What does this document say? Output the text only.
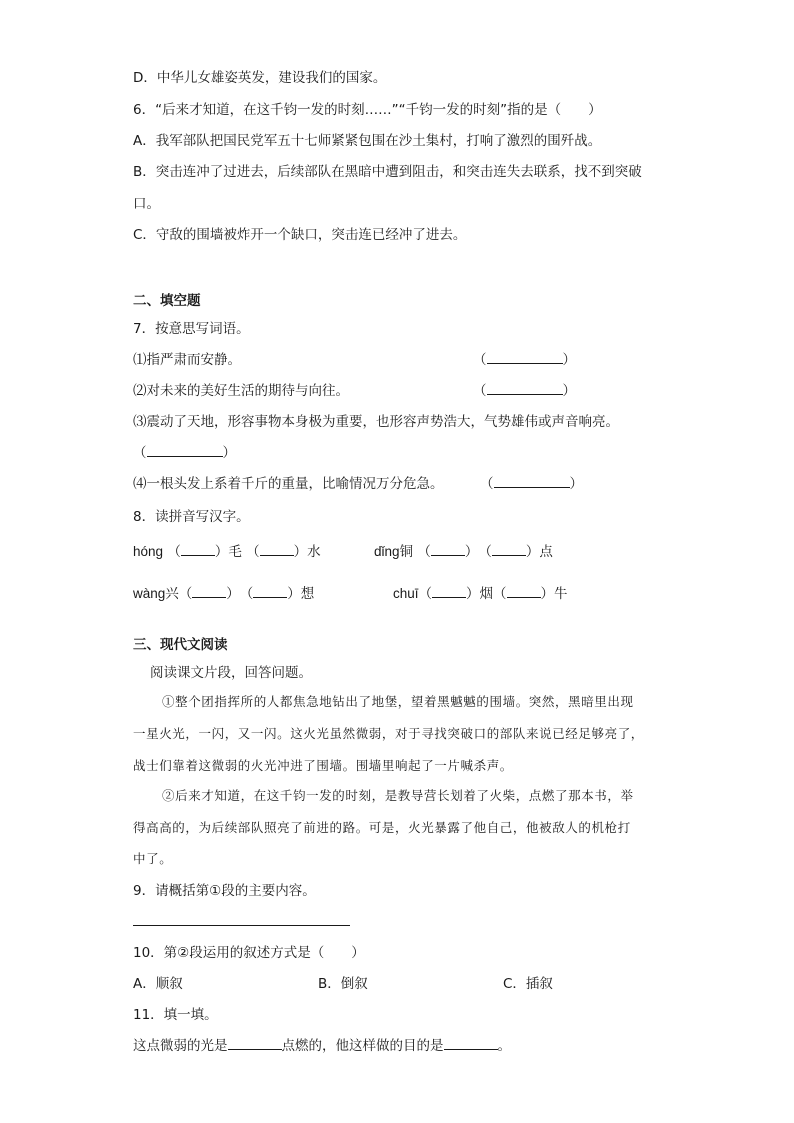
D．中华儿女雄姿英发，建设我们的国家。
6．“后来才知道，在这千钧一发的时刻……”“千钧一发的时刻”指的是（　　）
A．我军部队把国民党军五十七师紧紧包围在沙土集村，打响了激烈的围歼战。
B．突击连冲了过进去，后续部队在黑暗中遭到阻击，和突击连失去联系，找不到突破
口。
C．守敌的围墙被炸开一个缺口，突击连已经冲了进去。
二、填空题
7．按意思写词语。
⑴指严肃而安静。	（	）
⑵对未来的美好生活的期待与向往。	（	）
⑶震动了天地，形容事物本身极为重要，也形容声势浩大，气势雄伟或声音响亮。
（	）
⑷一根头发上系着千斤的重量，比喻情况万分危急。	（	）
8．读拼音写汉字。
hóng （	）毛 （	）水	dǐng铜 （	）　（	）点
wàng兴（	）　（	）想	chuī（	）烟（	）牛
三、现代文阅读
阅读课文片段，回答问题。
①整个团指挥所的人都焦急地钻出了地堡，望着黑魆魆的围墙。突然，黑暗里出现
一星火光，一闪，又一闪。这火光虽然微弱，对于寻找突破口的部队来说已经足够亮了，
战士们靠着这微弱的火光冲进了围墙。围墙里响起了一片喊杀声。
②后来才知道，在这千钧一发的时刻，是教导营长划着了火柴，点燃了那本书，举
得高高的，为后续部队照亮了前进的路。可是，火光暴露了他自己，他被敌人的机枪打
中了。
9．请概括第①段的主要内容。
10．第②段运用的叙述方式是（　　）
A．顺叙	B．倒叙	C．插叙
11．填一填。
这点微弱的光是	点燃的，他这样做的目的是	。
